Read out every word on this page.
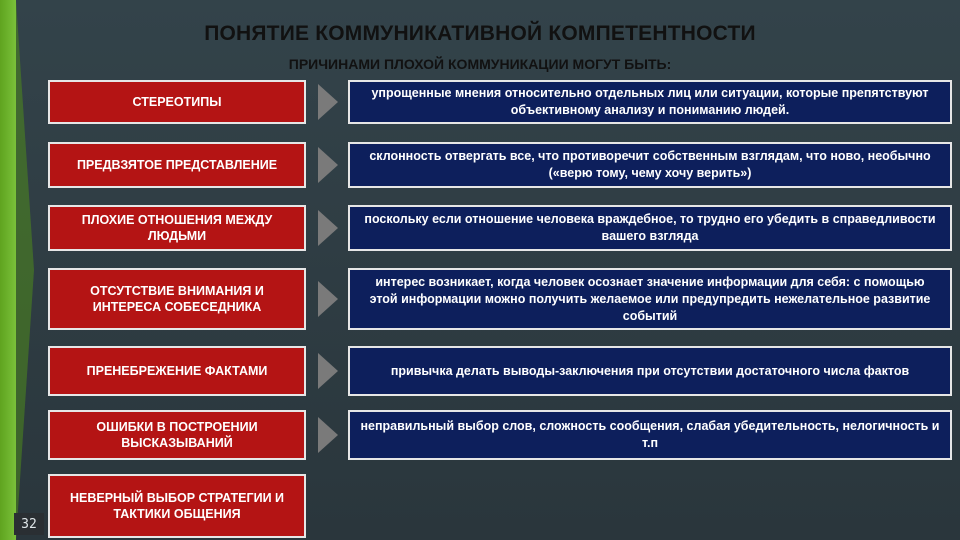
ПОНЯТИЕ КОММУНИКАТИВНОЙ КОМПЕТЕНТНОСТИ
ПРИЧИНАМИ ПЛОХОЙ КОММУНИКАЦИИ МОГУТ БЫТЬ:
СТЕРЕОТИПЫ
упрощенные мнения относительно отдельных лиц или ситуации, которые препятствуют объективному анализу и пониманию людей.
ПРЕДВЗЯТОЕ ПРЕДСТАВЛЕНИЕ
склонность отвергать все, что противоречит собственным взглядам, что ново, необычно («верю тому, чему хочу верить»)
ПЛОХИЕ ОТНОШЕНИЯ МЕЖДУ ЛЮДЬМИ
поскольку если отношение человека враждебное, то трудно его убедить в справедливости вашего взгляда
ОТСУТСТВИЕ ВНИМАНИЯ И ИНТЕРЕСА СОБЕСЕДНИКА
интерес возникает, когда человек осознает значение информации для себя: с помощью этой информации можно получить желаемое или предупредить нежелательное развитие событий
ПРЕНЕБРЕЖЕНИЕ ФАКТАМИ	привычка делать выводы-заключения при отсутствии достаточного числа фактов
ОШИБКИ В ПОСТРОЕНИИ ВЫСКАЗЫВАНИЙ
неправильный выбор слов, сложность сообщения, слабая убедительность, нелогичность и т.п
НЕВЕРНЫЙ ВЫБОР СТРАТЕГИИ И ТАКТИКИ ОБЩЕНИЯ
32
